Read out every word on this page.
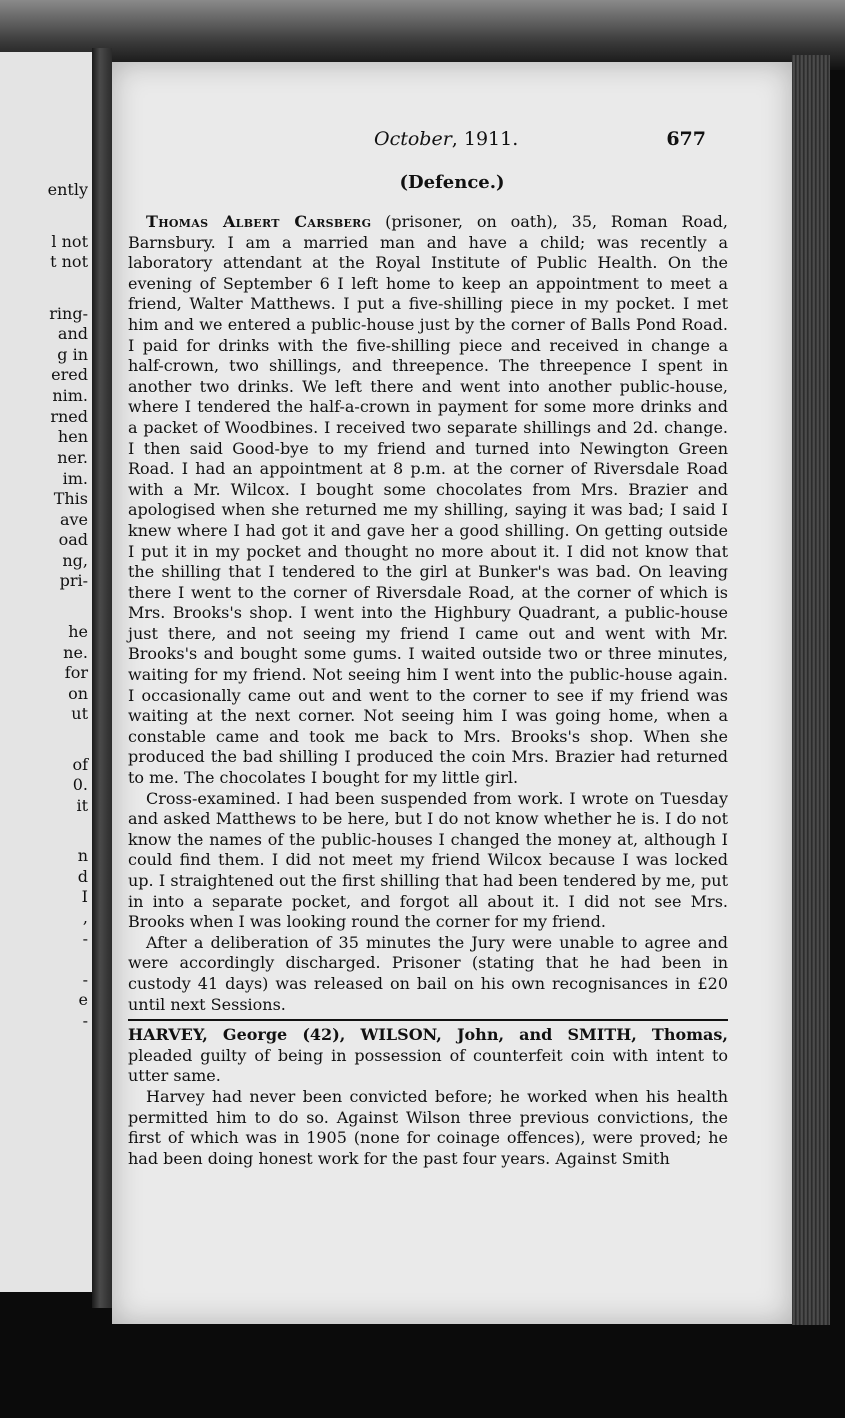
ently
l not
t not
ring-
and
g in
ered
nim.
rned
hen
ner.
im.
This
ave
oad
ng,
pri-
he
ne.
for
on
ut
of
0.
it
n
d
I
,
-
-
e
-
October, 1911.	677
(Defence.)

Thomas Albert Carsberg (prisoner, on oath), 35, Roman Road, Barnsbury. I am a married man and have a child; was recently a laboratory attendant at the Royal Institute of Public Health. On the evening of September 6 I left home to keep an appointment to meet a friend, Walter Matthews. I put a five-shilling piece in my pocket. I met him and we entered a public-house just by the corner of Balls Pond Road. I paid for drinks with the five-shilling piece and received in change a half-crown, two shillings, and threepence. The threepence I spent in another two drinks. We left there and went into another public-house, where I tendered the half-a-crown in payment for some more drinks and a packet of Woodbines. I received two separate shillings and 2d. change. I then said Good-bye to my friend and turned into Newington Green Road. I had an appointment at 8 p.m. at the corner of Riversdale Road with a Mr. Wilcox. I bought some chocolates from Mrs. Brazier and apologised when she returned me my shilling, saying it was bad; I said I knew where I had got it and gave her a good shilling. On getting outside I put it in my pocket and thought no more about it. I did not know that the shilling that I tendered to the girl at Bunker's was bad. On leaving there I went to the corner of Riversdale Road, at the corner of which is Mrs. Brooks's shop. I went into the Highbury Quadrant, a public-house just there, and not seeing my friend I came out and went with Mr. Brooks's and bought some gums. I waited outside two or three minutes, waiting for my friend. Not seeing him I went into the public-house again. I occasionally came out and went to the corner to see if my friend was waiting at the next corner. Not seeing him I was going home, when a constable came and took me back to Mrs. Brooks's shop. When she produced the bad shilling I produced the coin Mrs. Brazier had returned to me. The chocolates I bought for my little girl.

Cross-examined. I had been suspended from work. I wrote on Tuesday and asked Matthews to be here, but I do not know whether he is. I do not know the names of the public-houses I changed the money at, although I could find them. I did not meet my friend Wilcox because I was locked up. I straightened out the first shilling that had been tendered by me, put in into a separate pocket, and forgot all about it. I did not see Mrs. Brooks when I was looking round the corner for my friend.

After a deliberation of 35 minutes the Jury were unable to agree and were accordingly discharged. Prisoner (stating that he had been in custody 41 days) was released on bail on his own recognisances in £20 until next Sessions.

HARVEY, George (42), WILSON, John, and SMITH, Thomas, pleaded guilty of being in possession of counterfeit coin with intent to utter same.

Harvey had never been convicted before; he worked when his health permitted him to do so. Against Wilson three previous convictions, the first of which was in 1905 (none for coinage offences), were proved; he had been doing honest work for the past four years. Against Smith
